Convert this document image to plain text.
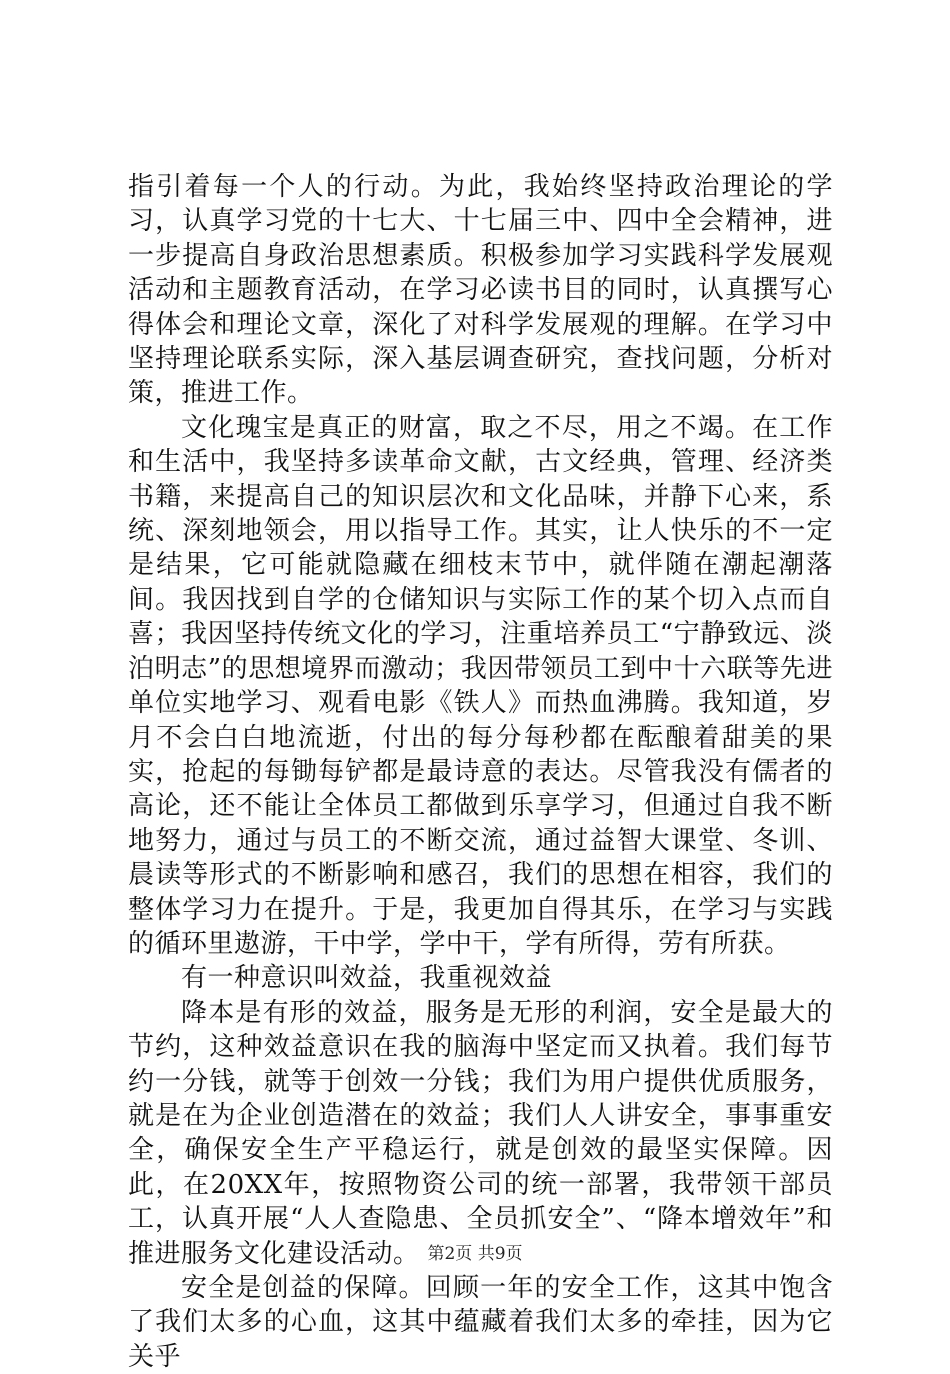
指引着每一个人的行动。为此，我始终坚持政治理论的学习，认真学习党的十七大、十七届三中、四中全会精神，进一步提高自身政治思想素质。积极参加学习实践科学发展观活动和主题教育活动，在学习必读书目的同时，认真撰写心得体会和理论文章，深化了对科学发展观的理解。在学习中坚持理论联系实际，深入基层调查研究，查找问题，分析对策，推进工作。

文化瑰宝是真正的财富，取之不尽，用之不竭。在工作和生活中，我坚持多读革命文献，古文经典，管理、经济类书籍，来提高自己的知识层次和文化品味，并静下心来，系统、深刻地领会，用以指导工作。其实，让人快乐的不一定是结果，它可能就隐藏在细枝末节中，就伴随在潮起潮落间。我因找到自学的仓储知识与实际工作的某个切入点而自喜；我因坚持传统文化的学习，注重培养员工“宁静致远、淡泊明志”的思想境界而激动；我因带领员工到中十六联等先进单位实地学习、观看电影《铁人》而热血沸腾。我知道，岁月不会白白地流逝，付出的每分每秒都在酝酿着甜美的果实，抢起的每锄每铲都是最诗意的表达。尽管我没有儒者的高论，还不能让全体员工都做到乐享学习，但通过自我不断地努力，通过与员工的不断交流，通过益智大课堂、冬训、晨读等形式的不断影响和感召，我们的思想在相容，我们的整体学习力在提升。于是，我更加自得其乐，在学习与实践的循环里遨游，干中学，学中干，学有所得，劳有所获。

有一种意识叫效益，我重视效益

降本是有形的效益，服务是无形的利润，安全是最大的节约，这种效益意识在我的脑海中坚定而又执着。我们每节约一分钱，就等于创效一分钱；我们为用户提供优质服务，就是在为企业创造潜在的效益；我们人人讲安全，事事重安全，确保安全生产平稳运行，就是创效的最坚实保障。因此，在20XX年，按照物资公司的统一部署，我带领干部员工，认真开展“人人查隐患、全员抓安全”、“降本增效年”和推进服务文化建设活动。

安全是创益的保障。回顾一年的安全工作，这其中饱含了我们太多的心血，这其中蕴藏着我们太多的牵挂，因为它关乎

第2页 共9页
